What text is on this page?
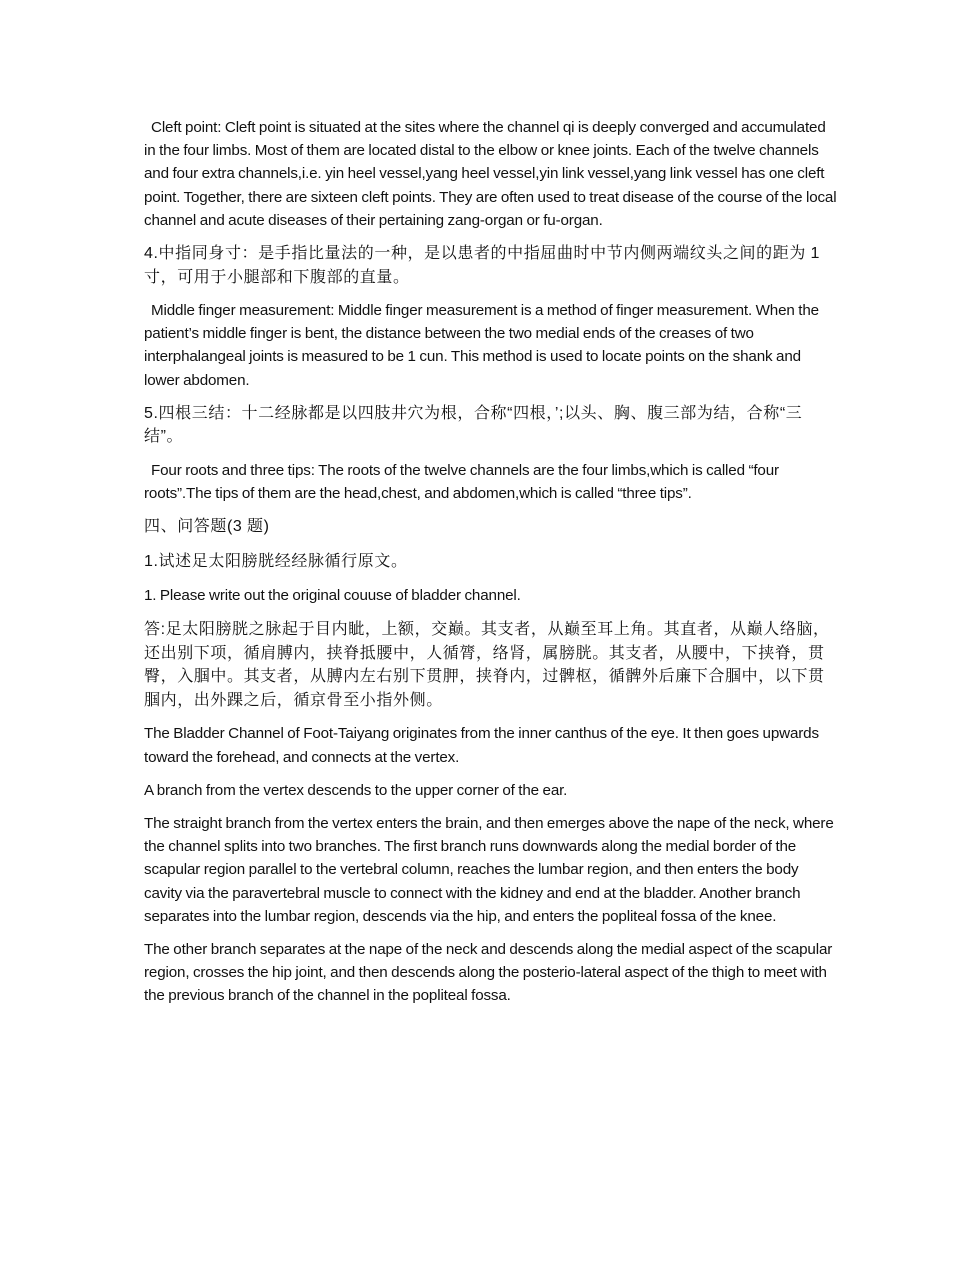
Cleft point: Cleft point is situated at the sites where the channel qi is deeply converged and accumulated in the four limbs. Most of them are located distal to the elbow or knee joints. Each of the twelve channels and four extra channels,i.e. yin heel vessel,yang heel vessel,yin link vessel,yang link vessel has one cleft point. Together, there are sixteen cleft points. They are often used to treat disease of the course of the local channel and acute diseases of their pertaining zang-organ or fu-organ.

4.中指同身寸：是手指比量法的一种，是以患者的中指屈曲时中节内侧两端纹头之间的距为 1 寸，可用于小腿部和下腹部的直量。

Middle finger measurement: Middle finger measurement is a method of finger measurement. When the patient’s middle finger is bent, the distance between the two medial ends of the creases of two interphalangeal joints is measured to be 1 cun. This method is used to locate points on the shank and lower abdomen.

5.四根三结：十二经脉都是以四肢井穴为根，合称“四根，’;以头、胸、腹三部为结，合称“三结”。

Four roots and three tips: The roots of the twelve channels are the four limbs,which is called “four roots”.The tips of them are the head,chest, and abdomen,which is called “three tips”.

四、问答题(3 题)

1.试述足太阳膀胱经经脉循行原文。

1. Please write out the original couuse of bladder channel.

答:足太阳膀胱之脉起于目内眦，上额，交巅。其支者，从巅至耳上角。其直者，从巅人络脑，还出别下项，循肩膊内，挟脊抵腰中，人循膂，络肾，属膀胱。其支者，从腰中，下挟脊，贯臀，入腘中。其支者，从膊内左右别下贯胛，挟脊内，过髀枢，循髀外后廉下合腘中，以下贯腘内，出外踝之后，循京骨至小指外侧。

The Bladder Channel of Foot-Taiyang originates from the inner canthus of the eye. It then goes upwards toward the forehead, and connects at the vertex.

A branch from the vertex descends to the upper corner of the ear.

The straight branch from the vertex enters the brain, and then emerges above the nape of the neck, where the channel splits into two branches. The first branch runs downwards along the medial border of the scapular region parallel to the vertebral column, reaches the lumbar region, and then enters the body cavity via the paravertebral muscle to connect with the kidney and end at the bladder. Another branch separates into the lumbar region, descends via the hip, and enters the popliteal fossa of the knee.

The other branch separates at the nape of the neck and descends along the medial aspect of the scapular region, crosses the hip joint, and then descends along the posterio-lateral aspect of the thigh to meet with the previous branch of the channel in the popliteal fossa.
